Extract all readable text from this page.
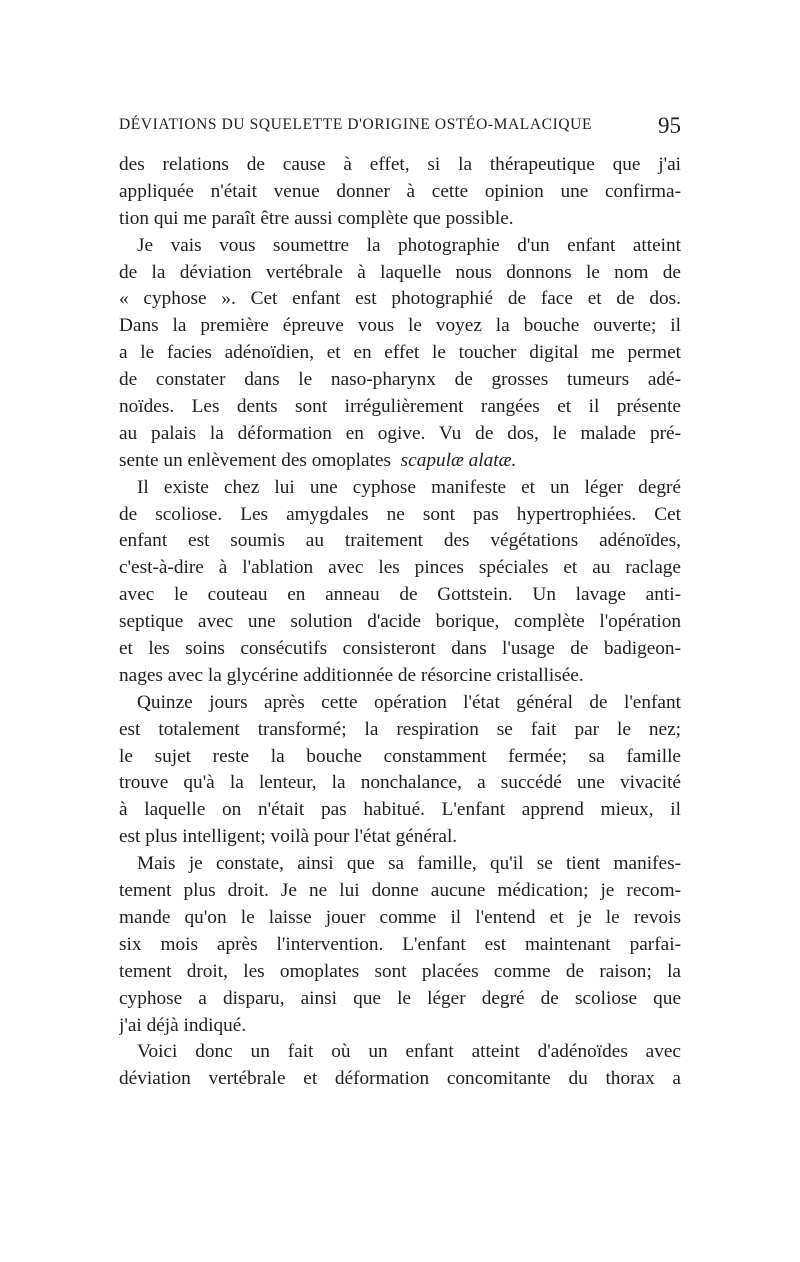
DÉVIATIONS DU SQUELETTE D'ORIGINE OSTÉO-MALACIQUE	95
des relations de cause à effet, si la thérapeutique que j'ai
appliquée n'était venue donner à cette opinion une confirma-
tion qui me paraît être aussi complète que possible.
Je vais vous soumettre la photographie d'un enfant atteint
de la déviation vertébrale à laquelle nous donnons le nom de
« cyphose ». Cet enfant est photographié de face et de dos.
Dans la première épreuve vous le voyez la bouche ouverte; il
a le facies adénoïdien, et en effet le toucher digital me permet
de constater dans le naso-pharynx de grosses tumeurs adé-
noïdes. Les dents sont irrégulièrement rangées et il présente
au palais la déformation en ogive. Vu de dos, le malade pré-
sente un enlèvement des omoplates scapulæ alatæ.
Il existe chez lui une cyphose manifeste et un léger degré
de scoliose. Les amygdales ne sont pas hypertrophiées. Cet
enfant est soumis au traitement des végétations adénoïdes,
c'est-à-dire à l'ablation avec les pinces spéciales et au raclage
avec le couteau en anneau de Gottstein. Un lavage anti-
septique avec une solution d'acide borique, complète l'opération
et les soins consécutifs consisteront dans l'usage de badigeon-
nages avec la glycérine additionnée de résorcine cristallisée.
Quinze jours après cette opération l'état général de l'enfant
est totalement transformé; la respiration se fait par le nez;
le sujet reste la bouche constamment fermée; sa famille
trouve qu'à la lenteur, la nonchalance, a succédé une vivacité
à laquelle on n'était pas habitué. L'enfant apprend mieux, il
est plus intelligent; voilà pour l'état général.
Mais je constate, ainsi que sa famille, qu'il se tient manifes-
tement plus droit. Je ne lui donne aucune médication; je recom-
mande qu'on le laisse jouer comme il l'entend et je le revois
six mois après l'intervention. L'enfant est maintenant parfai-
tement droit, les omoplates sont placées comme de raison; la
cyphose a disparu, ainsi que le léger degré de scoliose que
j'ai déjà indiqué.
Voici donc un fait où un enfant atteint d'adénoïdes avec
déviation vertébrale et déformation concomitante du thorax a
